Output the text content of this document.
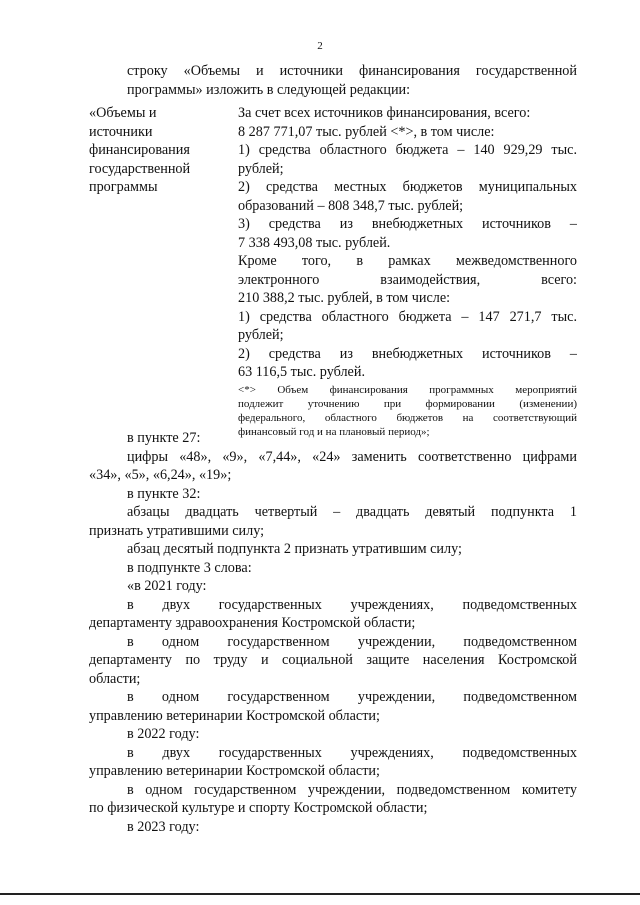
2
строку «Объемы и источники финансирования государственной
программы» изложить в следующей редакции:
«Объемы и
источники
финансирования
государственной
программы
За счет всех источников финансирования, всего:
8 287 771,07 тыс. рублей <*>, в том числе:
1) средства областного бюджета – 140 929,29 тыс.
рублей;
2) средства местных бюджетов муниципальных
образований – 808 348,7 тыс. рублей;
3) средства из внебюджетных источников –
7 338 493,08 тыс. рублей.
Кроме того, в рамках межведомственного
электронного взаимодействия, всего:
210 388,2 тыс. рублей, в том числе:
1) средства областного бюджета – 147 271,7 тыс.
рублей;
2) средства из внебюджетных источников –
63 116,5 тыс. рублей.
<*> Объем финансирования программных мероприятий
подлежит уточнению при формировании (изменении)
федерального, областного бюджетов на соответствующий
финансовый год и на плановый период»;
в пункте 27:
цифры «48», «9», «7,44», «24» заменить соответственно цифрами
«34», «5», «6,24», «19»;
в пункте 32:
абзацы двадцать четвертый – двадцать девятый подпункта 1
признать утратившими силу;
абзац десятый подпункта 2 признать утратившим силу;
в подпункте 3 слова:
«в 2021 году:
в двух государственных учреждениях, подведомственных
департаменту здравоохранения Костромской области;
в одном государственном учреждении, подведомственном
департаменту по труду и социальной защите населения Костромской
области;
в одном государственном учреждении, подведомственном
управлению ветеринарии Костромской области;
в 2022 году:
в двух государственных учреждениях, подведомственных
управлению ветеринарии Костромской области;
в одном государственном учреждении, подведомственном комитету
по физической культуре и спорту Костромской области;
в 2023 году:
